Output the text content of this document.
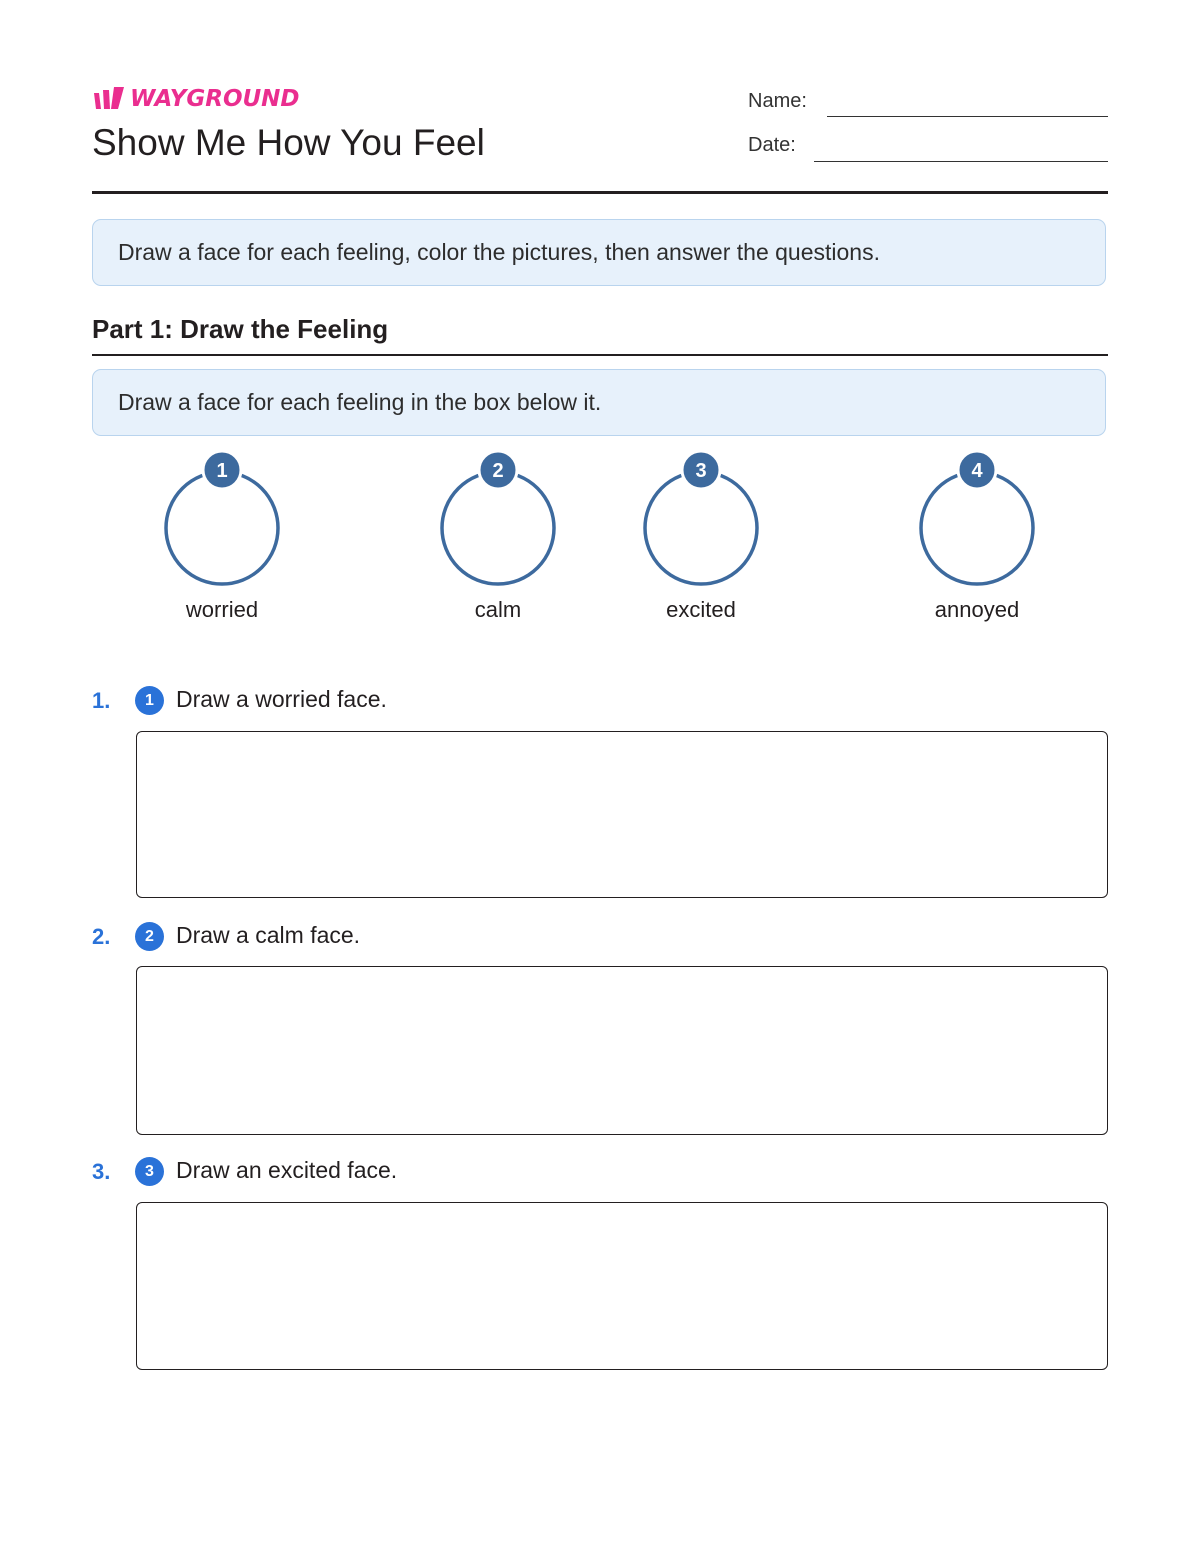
WAYGROUND
Show Me How You Feel
Name:
Date:
Draw a face for each feeling, color the pictures, then answer the questions.
Part 1: Draw the Feeling
Draw a face for each feeling in the box below it.
1
worried
2
calm
3
excited
4
annoyed
1.	1 Draw a worried face.
2.	2 Draw a calm face.
3.	3 Draw an excited face.
